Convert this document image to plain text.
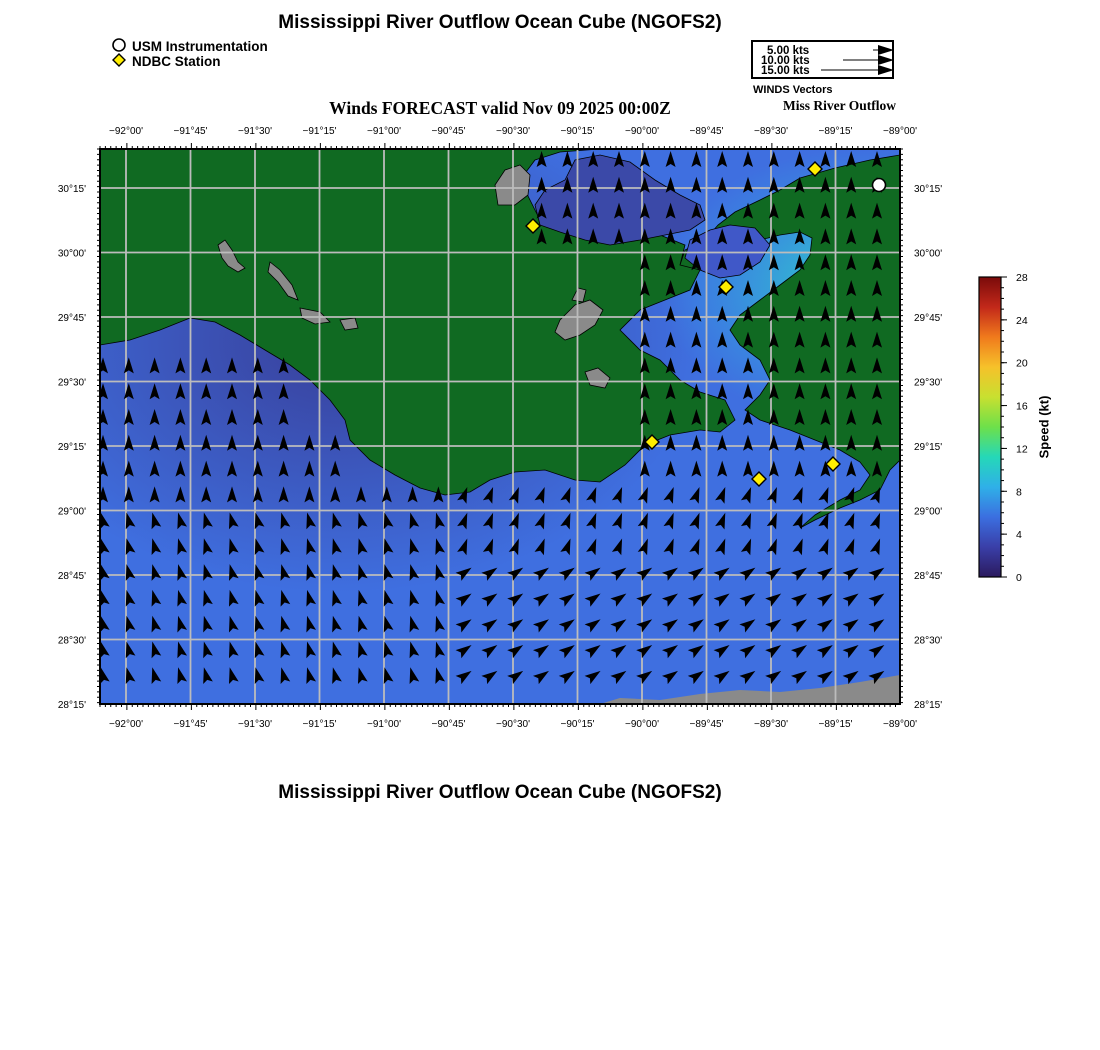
Mississippi River Outflow Ocean Cube (NGOFS2)
USM Instrumentation
NDBC Station
5.00 kts
10.00 kts
15.00 kts
WINDS Vectors
Winds FORECAST valid Nov 09 2025 00:00Z	Miss River Outflow
−92°00'
−92°00'
−91°45'
−91°45'
−91°30'
−91°30'
−91°15'
−91°15'
−91°00'
−91°00'
−90°45'
−90°45'
−90°30'
−90°30'
−90°15'
−90°15'
−90°00'
−90°00'
−89°45'
−89°45'
−89°30'
−89°30'
−89°15'
−89°15'
−89°00'
−89°00'
30°15'	30°15'
30°00'	30°00'
29°45'	29°45'
29°30'	29°30'
29°15'	29°15'
29°00'	29°00'
28°45'	28°45'
28°30'	28°30'
28°15'	28°15'
28
24
20
16
12
8
4
0
Speed (kt)
Mississippi River Outflow Ocean Cube (NGOFS2)
